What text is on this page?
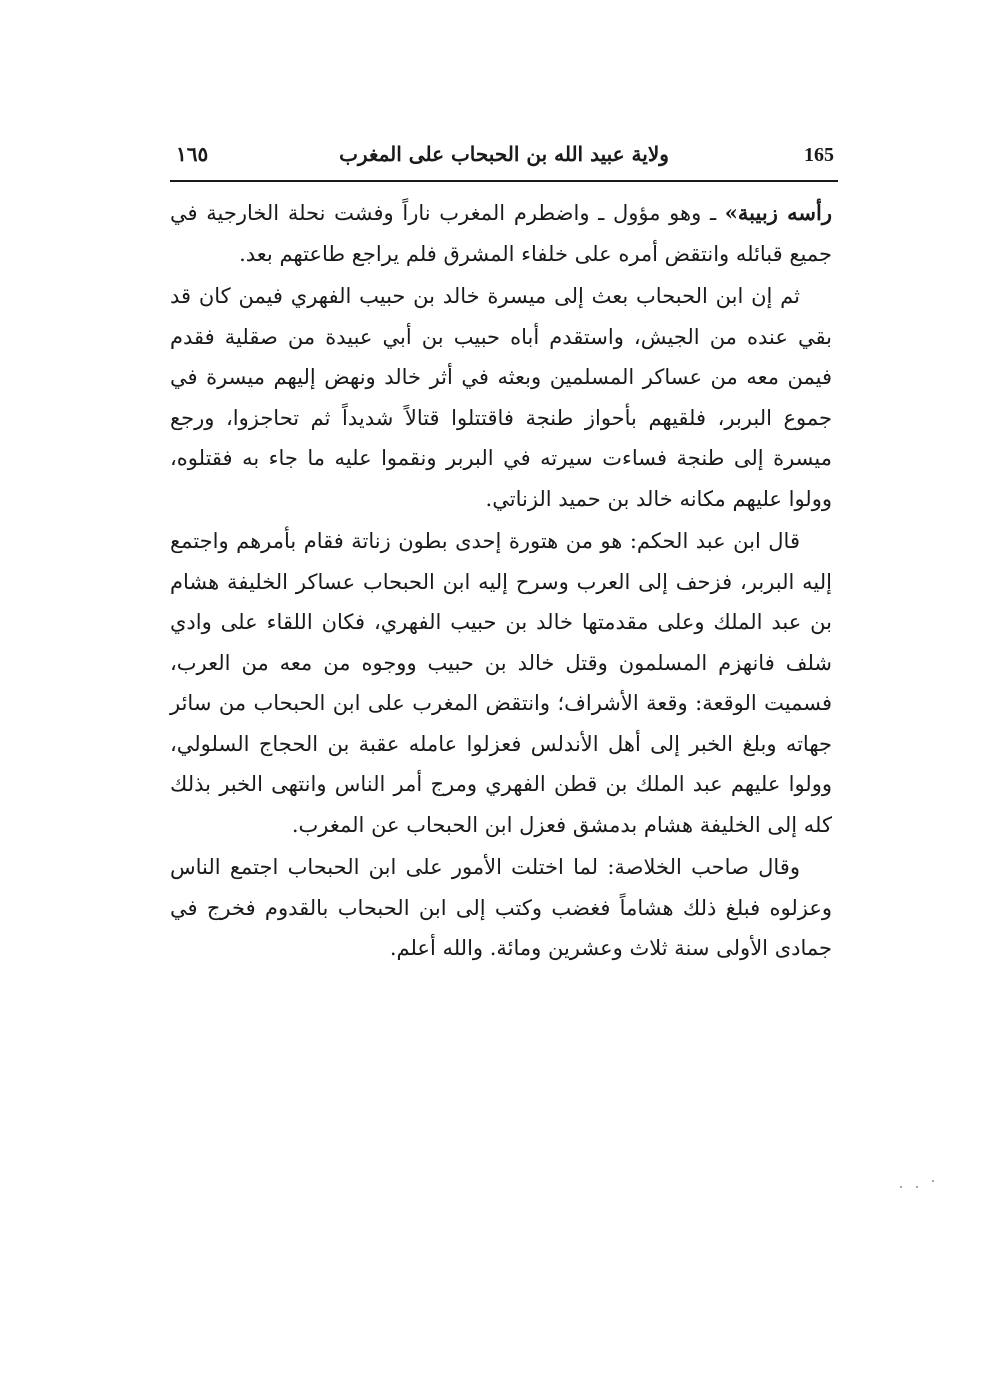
١٦٥	ولاية عبيد الله بن الحبحاب على المغرب	165

رأسه زبيبة» ـ وهو مؤول ـ واضطرم المغرب ناراً وفشت نحلة الخارجية في جميع قبائله وانتقض أمره على خلفاء المشرق فلم يراجع طاعتهم بعد.

ثم إن ابن الحبحاب بعث إلى ميسرة خالد بن حبيب الفهري فيمن كان قد بقي عنده من الجيش، واستقدم أباه حبيب بن أبي عبيدة من صقلية فقدم فيمن معه من عساكر المسلمين وبعثه في أثر خالد ونهض إليهم ميسرة في جموع البربر، فلقيهم بأحواز طنجة فاقتتلوا قتالاً شديداً ثم تحاجزوا، ورجع ميسرة إلى طنجة فساءت سيرته في البربر ونقموا عليه ما جاء به فقتلوه، وولوا عليهم مكانه خالد بن حميد الزناتي.

قال ابن عبد الحكم: هو من هتورة إحدى بطون زناتة فقام بأمرهم واجتمع إليه البربر، فزحف إلى العرب وسرح إليه ابن الحبحاب عساكر الخليفة هشام بن عبد الملك وعلى مقدمتها خالد بن حبيب الفهري، فكان اللقاء على وادي شلف فانهزم المسلمون وقتل خالد بن حبيب ووجوه من معه من العرب، فسميت الوقعة: وقعة الأشراف؛ وانتقض المغرب على ابن الحبحاب من سائر جهاته وبلغ الخبر إلى أهل الأندلس فعزلوا عامله عقبة بن الحجاج السلولي، وولوا عليهم عبد الملك بن قطن الفهري ومرج أمر الناس وانتهى الخبر بذلك كله إلى الخليفة هشام بدمشق فعزل ابن الحبحاب عن المغرب.

وقال صاحب الخلاصة: لما اختلت الأمور على ابن الحبحاب اجتمع الناس وعزلوه فبلغ ذلك هشاماً فغضب وكتب إلى ابن الحبحاب بالقدوم فخرج في جمادى الأولى سنة ثلاث وعشرين ومائة. والله أعلم.
